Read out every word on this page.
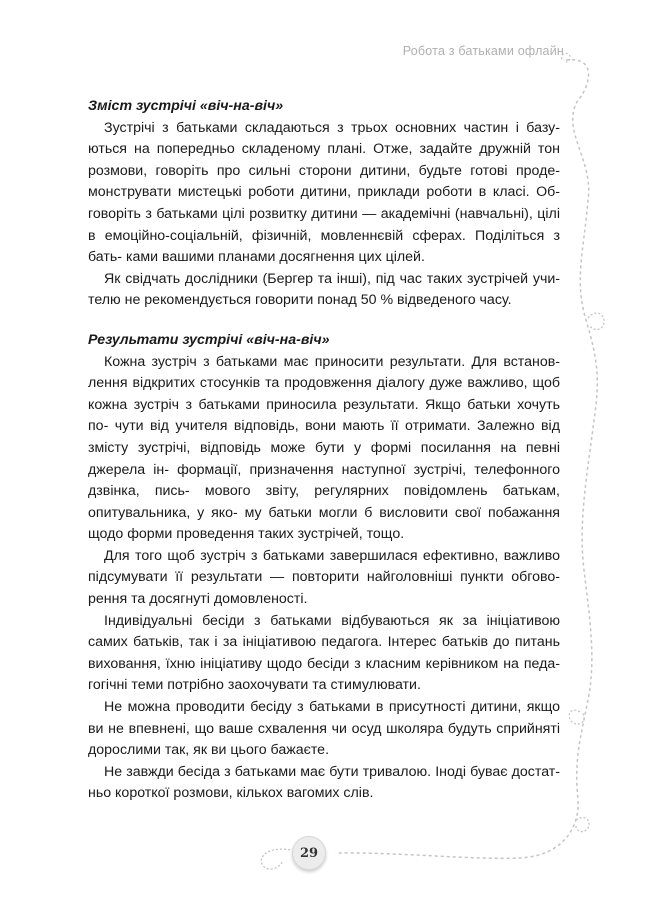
Робота з батьками офлайн

Зміст зустрічі «віч-на-віч»

Зустрічі з батьками складаються з трьох основних частин і базу- ються на попередньо складеному плані. Отже, задайте дружній тон розмови, говоріть про сильні сторони дитини, будьте готові проде- монструвати мистецькі роботи дитини, приклади роботи в класі. Об- говоріть з батьками цілі розвитку дитини — академічні (навчальні), цілі в емоційно-соціальній, фізичній, мовленнєвій сферах. Поділіться з бать- ками вашими планами досягнення цих цілей.

Як свідчать дослідники (Бергер та інші), під час таких зустрічей учи- телю не рекомендується говорити понад 50 % відведеного часу.

Результати зустрічі «віч-на-віч»

Кожна зустріч з батьками має приносити результати. Для встанов- лення відкритих стосунків та продовження діалогу дуже важливо, щоб кожна зустріч з батьками приносила результати. Якщо батьки хочуть по- чути від учителя відповідь, вони мають її отримати. Залежно від змісту зустрічі, відповідь може бути у формі посилання на певні джерела ін- формації, призначення наступної зустрічі, телефонного дзвінка, пись- мового звіту, регулярних повідомлень батькам, опитувальника, у яко- му батьки могли б висловити свої побажання щодо форми проведення таких зустрічей, тощо.

Для того щоб зустріч з батьками завершилася ефективно, важливо підсумувати її результати — повторити найголовніші пункти обгово- рення та досягнуті домовленості.

Індивідуальні бесіди з батьками відбуваються як за ініціативою самих батьків, так і за ініціативою педагога. Інтерес батьків до питань виховання, їхню ініціативу щодо бесіди з класним керівником на педа- гогічні теми потрібно заохочувати та стимулювати.

Не можна проводити бесіду з батьками в присутності дитини, якщо ви не впевнені, що ваше схвалення чи осуд школяра будуть сприйняті дорослими так, як ви цього бажаєте.

Не завжди бесіда з батьками має бути тривалою. Іноді буває достат- ньо короткої розмови, кількох вагомих слів.

29
